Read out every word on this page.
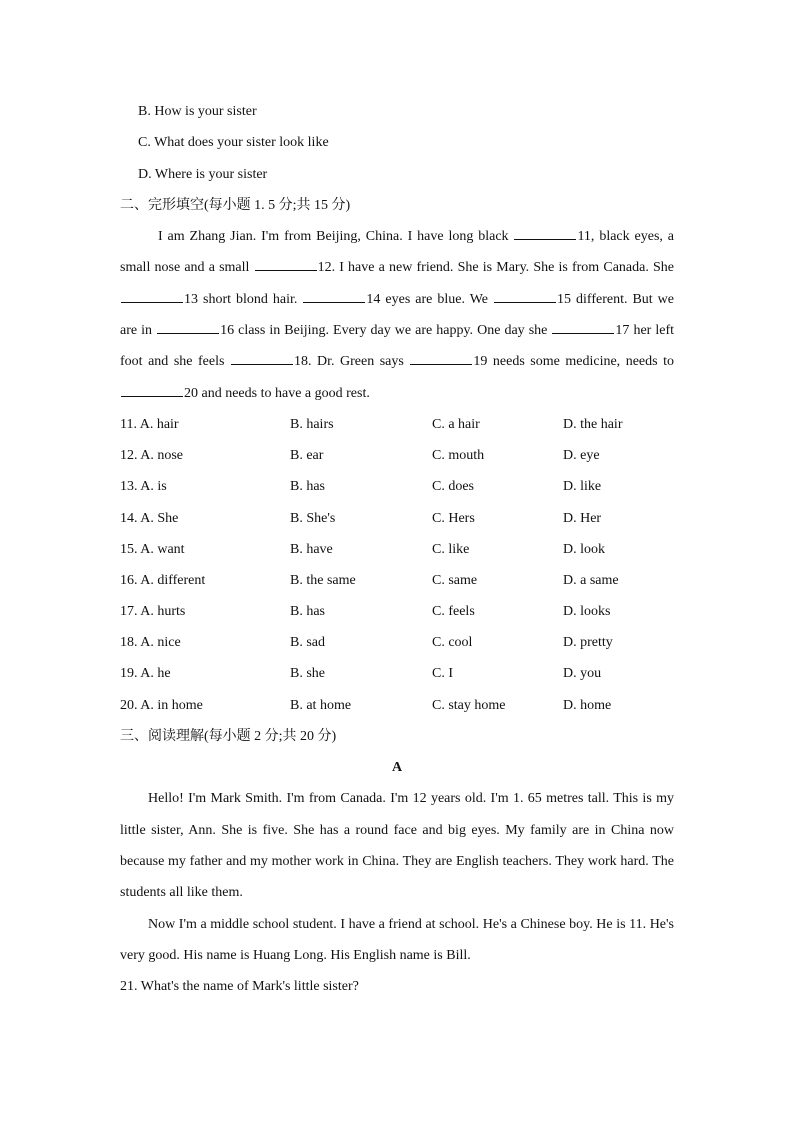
B. How is your sister
C. What does your sister look like
D. Where is your sister
二、完形填空(每小题 1. 5 分;共 15 分)

I am Zhang Jian. I'm from Beijing, China. I have long black	11, black eyes, a small nose and a small	12. I have a new friend. She is Mary. She is from Canada. She 13 short blond hair.	14 eyes are blue. We	15 different. But we are in	16 class in Beijing. Every day we are happy. One day she	17 her left foot and she feels	18. Dr. Green says	19 needs some medicine, needs to 20 and needs to have a good rest.

11. A. hair	B. hairs	C. a hair	D. the hair
12. A. nose	B. ear	C. mouth	D. eye
13. A. is	B. has	C. does	D. like
14. A. She	B. She's	C. Hers	D. Her
15. A. want	B. have	C. like	D. look
16. A. different	B. the same	C. same	D. a same
17. A. hurts	B. has	C. feels	D. looks
18. A. nice	B. sad	C. cool	D. pretty
19. A. he	B. she	C. I	D. you
20. A. in home	B. at home	C. stay home	D. home
三、阅读理解(每小题 2 分;共 20 分)
A

Hello! I'm Mark Smith. I'm from Canada. I'm 12 years old. I'm 1. 65 metres tall. This is my little sister, Ann. She is five. She has a round face and big eyes. My family are in China now because my father and my mother work in China. They are English teachers. They work hard. The students all like them.

Now I'm a middle school student. I have a friend at school. He's a Chinese boy. He is 11. He's very good. His name is Huang Long. His English name is Bill.

21. What's the name of Mark's little sister?
